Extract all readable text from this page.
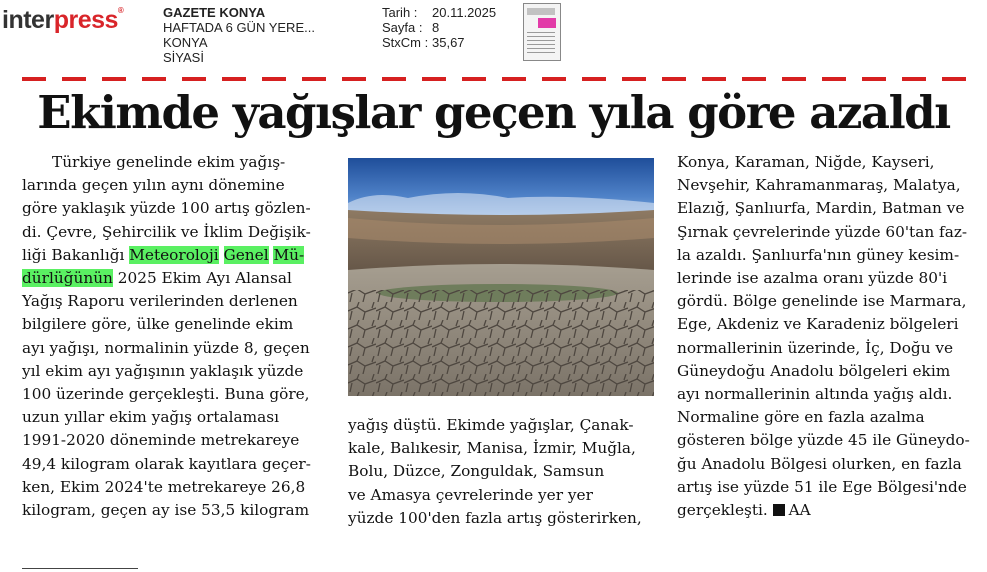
interpress®	GAZETE KONYA
HAFTADA 6 GÜN YERE...
KONYA
SİYASİ
Tarih :	20.11.2025
Sayfa : 8
StxCm : 35,67
Ekimde yağışlar geçen yıla göre azaldı
Türkiye genelinde ekim yağış-
larında geçen yılın aynı dönemine
göre yaklaşık yüzde 100 artış gözlen-
di. Çevre, Şehircilik ve İklim Değişik-
liği Bakanlığı Meteoroloji Genel Mü-
dürlüğünün 2025 Ekim Ayı Alansal
Yağış Raporu verilerinden derlenen
bilgilere göre, ülke genelinde ekim
ayı yağışı, normalinin yüzde 8, geçen
yıl ekim ayı yağışının yaklaşık yüzde
100 üzerinde gerçekleşti. Buna göre,
uzun yıllar ekim yağış ortalaması
1991-2020 döneminde metrekareye
49,4 kilogram olarak kayıtlara geçer-
ken, Ekim 2024'te metrekareye 26,8
kilogram, geçen ay ise 53,5 kilogram
yağış düştü. Ekimde yağışlar, Çanak-
kale, Balıkesir, Manisa, İzmir, Muğla,
Bolu, Düzce, Zonguldak, Samsun
ve Amasya çevrelerinde yer yer
yüzde 100'den fazla artış gösterirken,
Konya, Karaman, Niğde, Kayseri,
Nevşehir, Kahramanmaraş, Malatya,
Elazığ, Şanlıurfa, Mardin, Batman ve
Şırnak çevrelerinde yüzde 60'tan faz-
la azaldı. Şanlıurfa'nın güney kesim-
lerinde ise azalma oranı yüzde 80'i
gördü. Bölge genelinde ise Marmara,
Ege, Akdeniz ve Karadeniz bölgeleri
normallerinin üzerinde, İç, Doğu ve
Güneydoğu Anadolu bölgeleri ekim
ayı normallerinin altında yağış aldı.
Normaline göre en fazla azalma
gösteren bölge yüzde 45 ile Güneydo-
ğu Anadolu Bölgesi olurken, en fazla
artış ise yüzde 51 ile Ege Bölgesi'nde
gerçekleşti. AA
